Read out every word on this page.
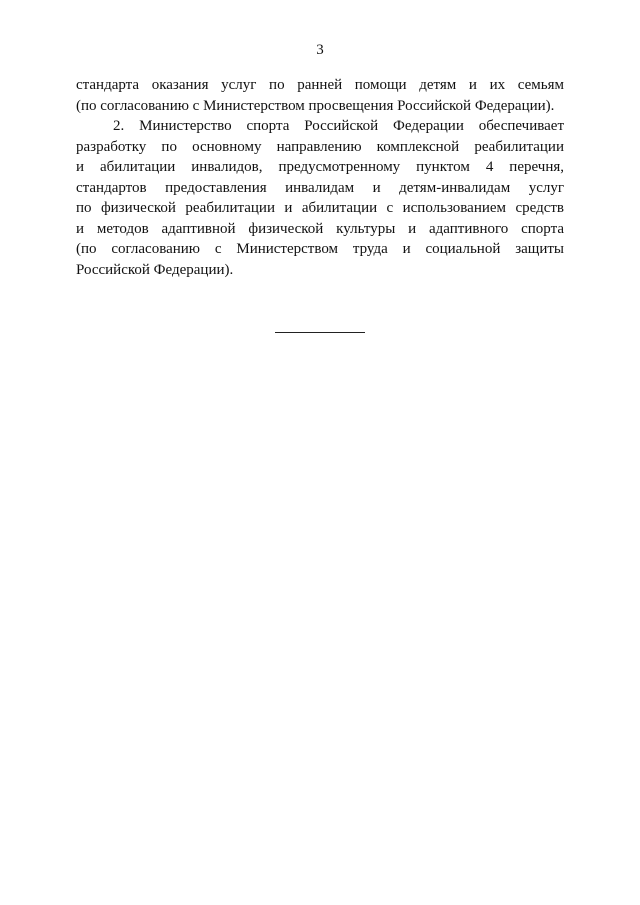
3
стандарта оказания услуг по ранней помощи детям и их семьям
(по согласованию с Министерством просвещения Российской Федерации).
2. Министерство спорта Российской Федерации обеспечивает
разработку по основному направлению комплексной реабилитации
и абилитации инвалидов, предусмотренному пунктом 4 перечня,
стандартов предоставления инвалидам и детям-инвалидам услуг
по физической реабилитации и абилитации с использованием средств
и методов адаптивной физической культуры и адаптивного спорта
(по согласованию с Министерством труда и социальной защиты
Российской Федерации).
